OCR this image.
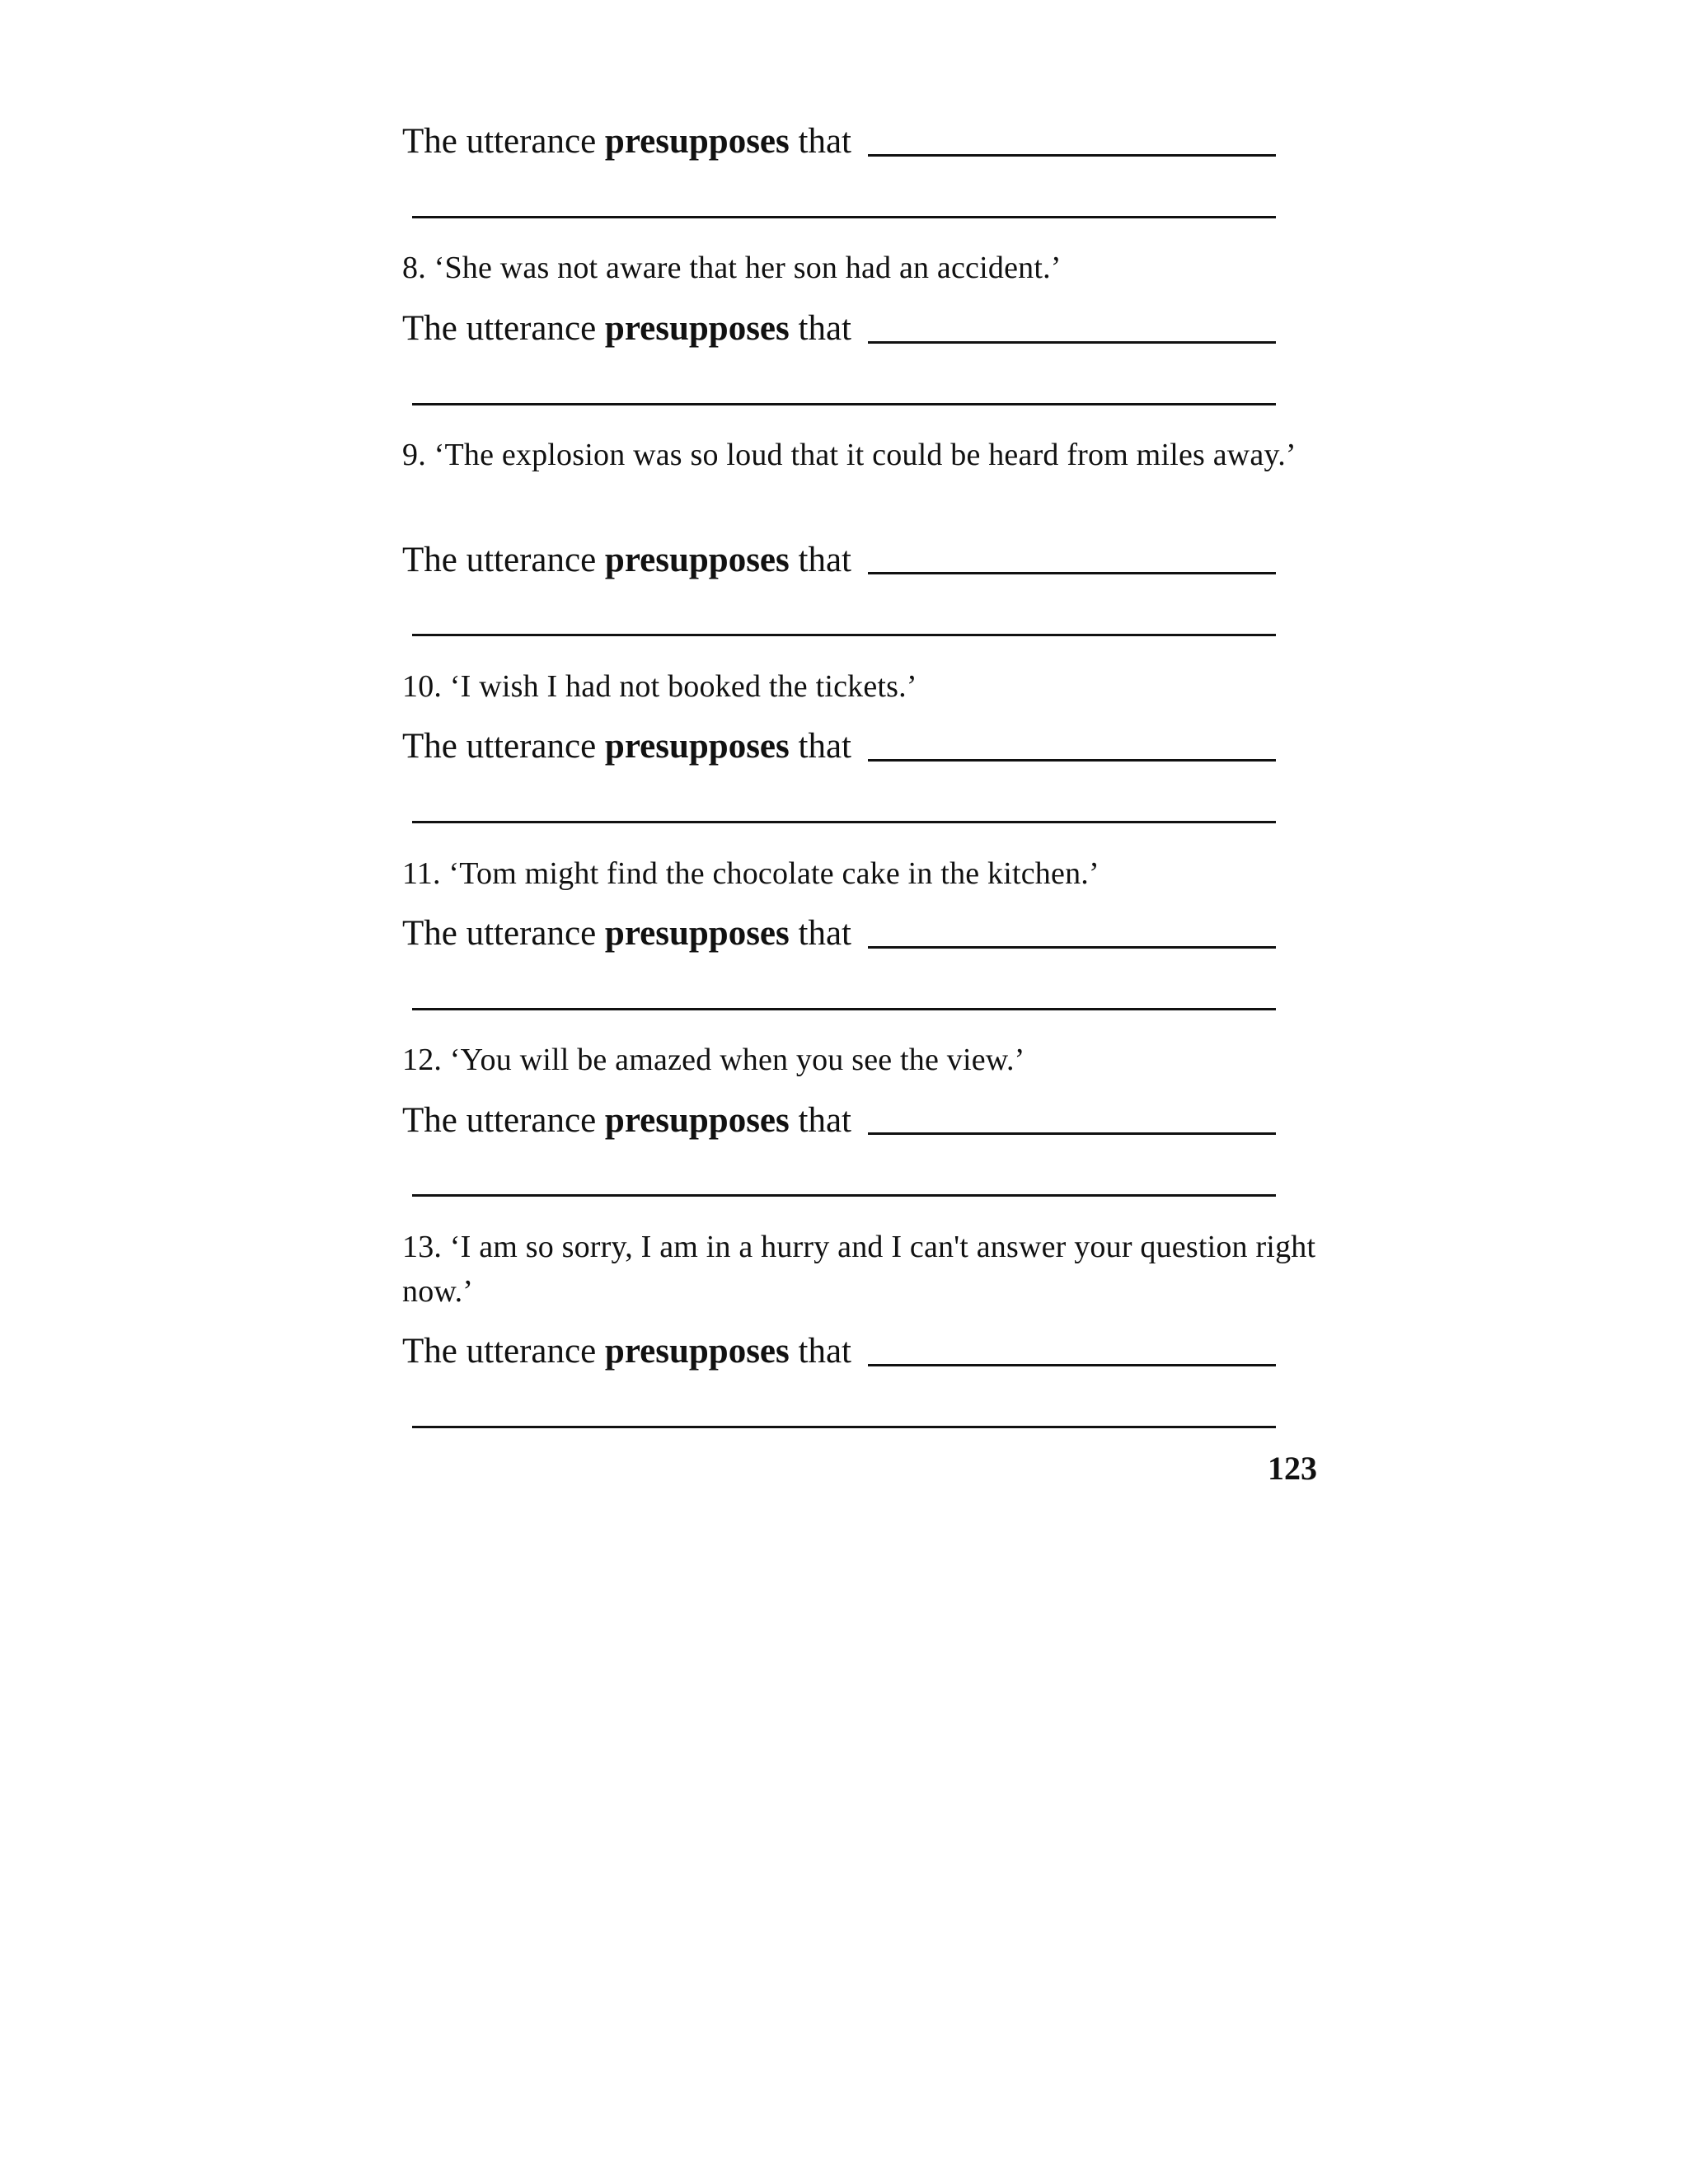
The utterance presupposes that
8. ‘She was not aware that her son had an accident.’
The utterance presupposes that
9. ‘The explosion was so loud that it could be heard from miles away.’
The utterance presupposes that
10. ‘I wish I had not booked the tickets.’
The utterance presupposes that
11. ‘Tom might find the chocolate cake in the kitchen.’
The utterance presupposes that
12. ‘You will be amazed when you see the view.’
The utterance presupposes that
13. ‘I am so sorry, I am in a hurry and I can't answer your question right now.’
The utterance presupposes that
123
